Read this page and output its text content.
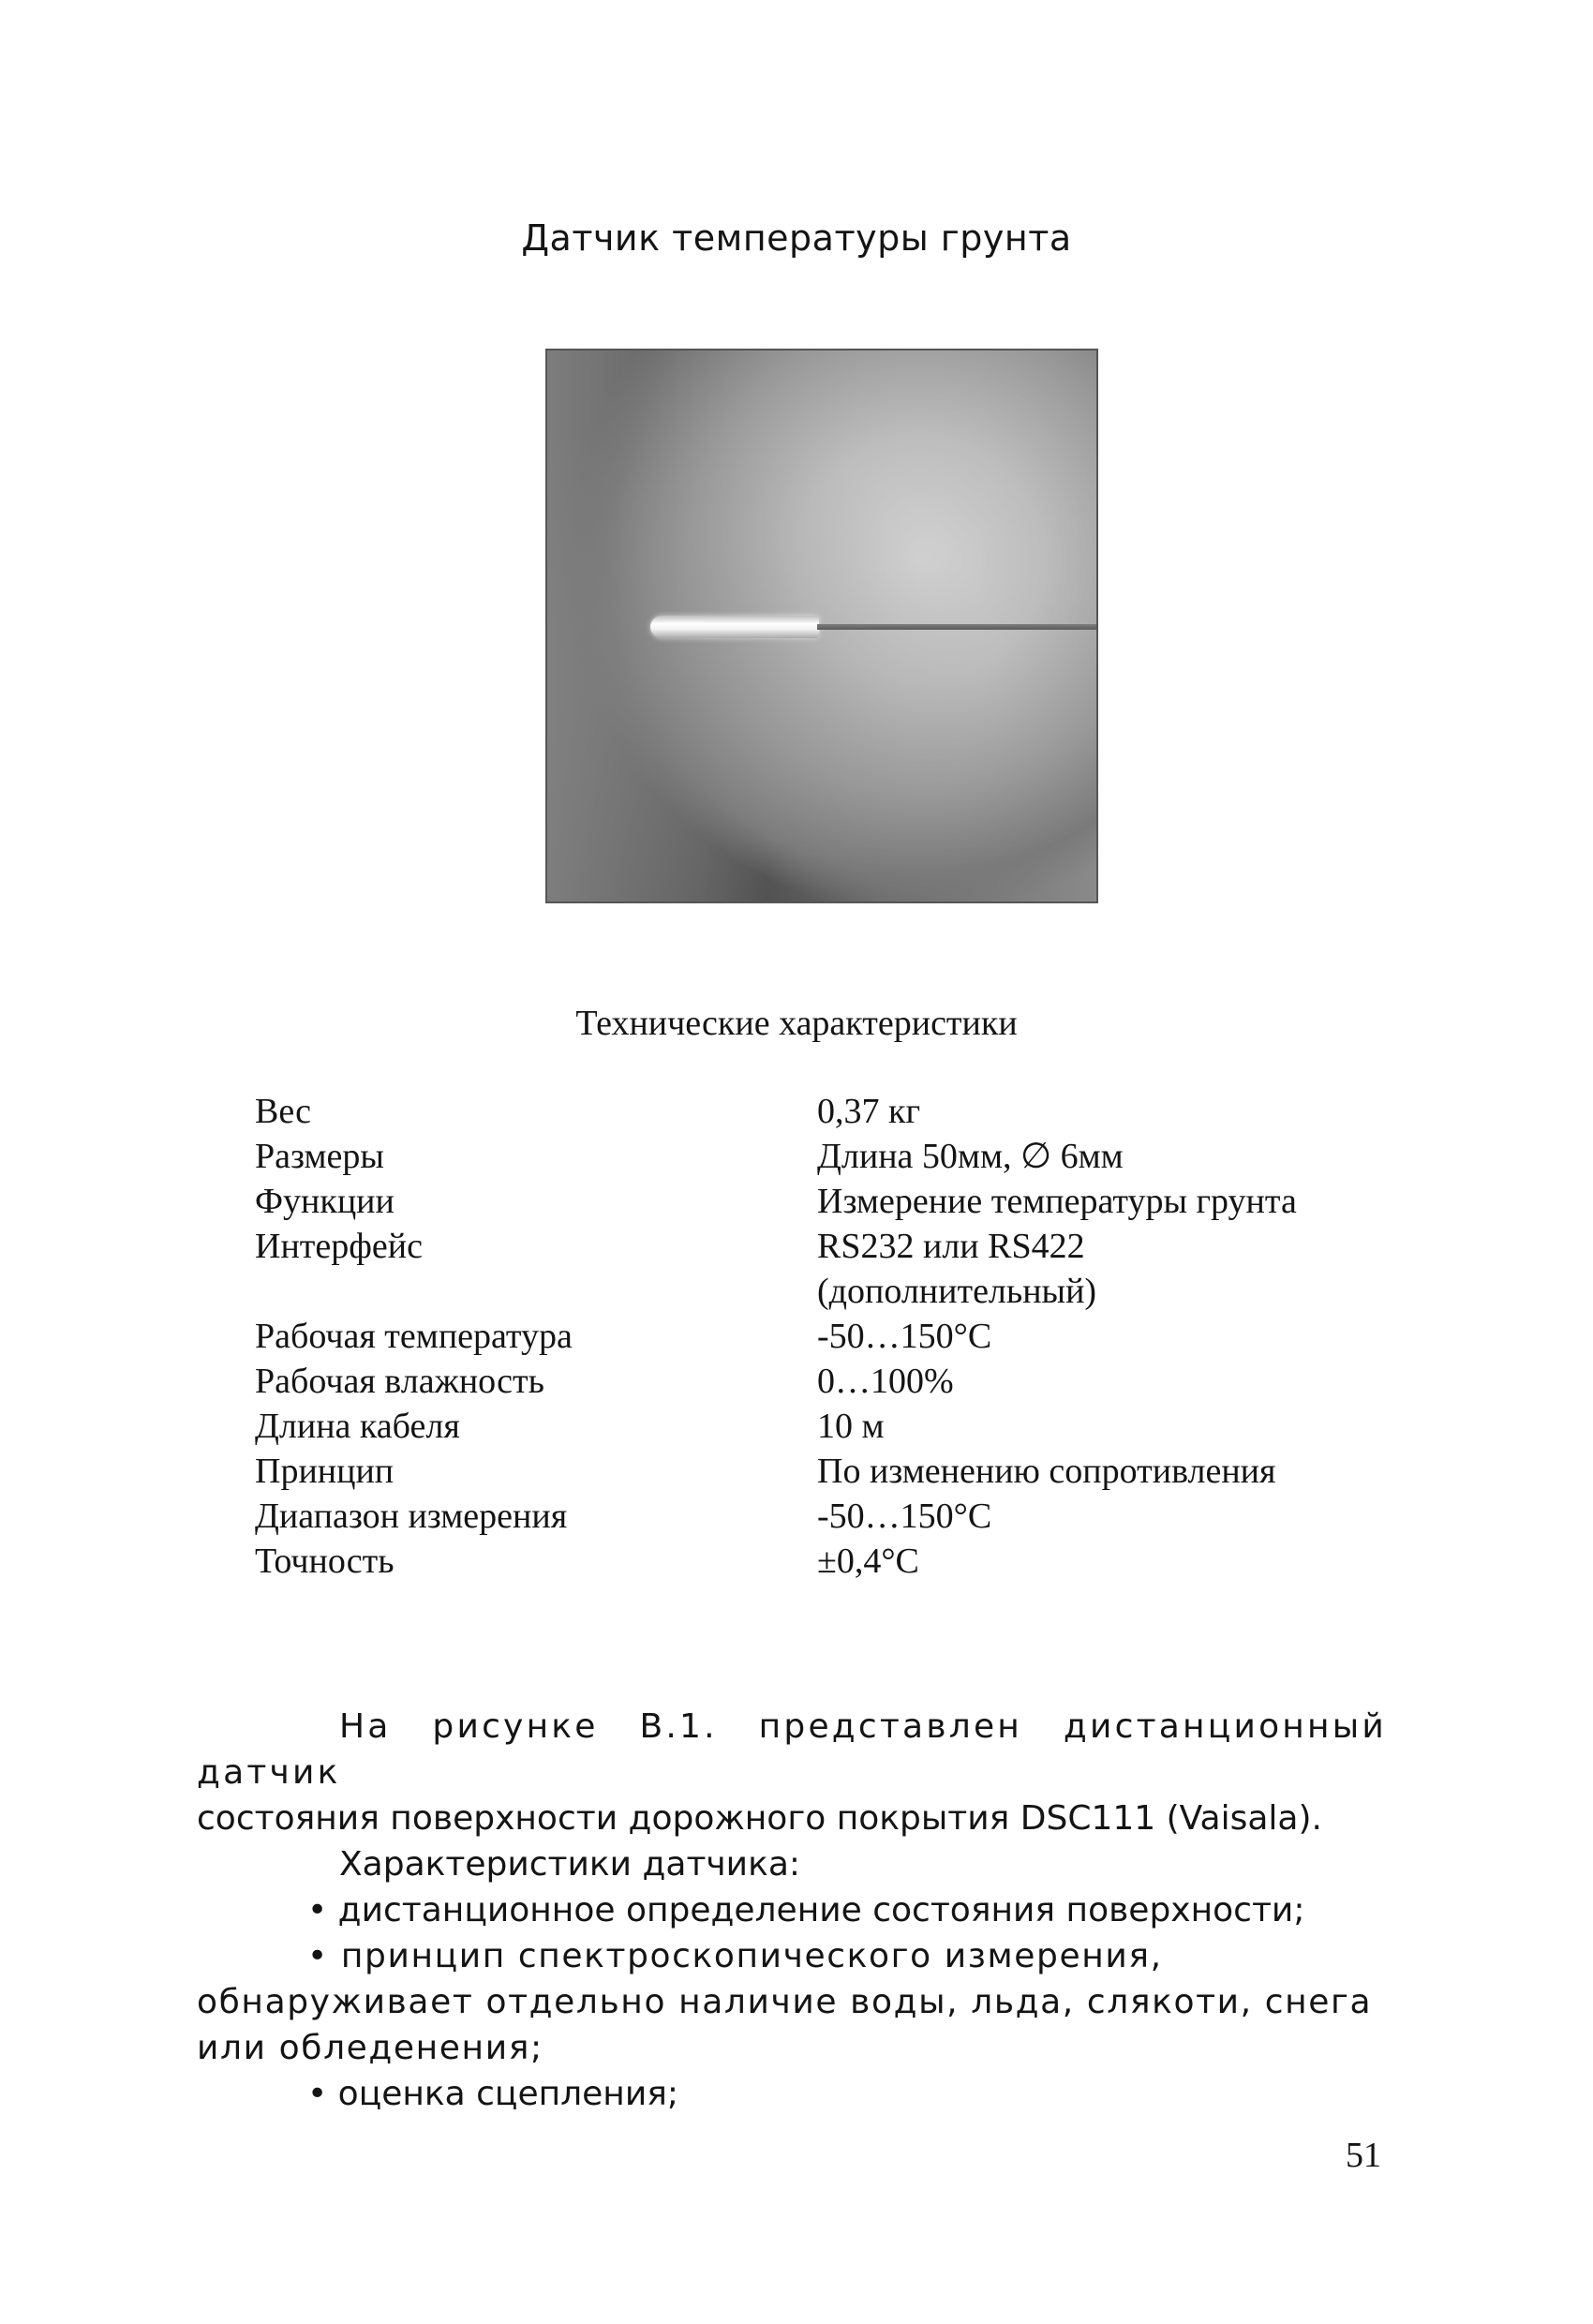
Датчик температуры грунта
Технические характеристики
Вес	0,37 кг
Размеры	Длина 50мм, ∅ 6мм
Функции	Измерение температуры грунта
Интерфейс	RS232 или RS422
(дополнительный)
Рабочая температура	-50…150°C
Рабочая влажность	0…100%
Длина кабеля	10 м
Принцип	По изменению сопротивления
Диапазон измерения	-50…150°C
Точность	±0,4°C

На рисунке В.1. представлен дистанционный датчик
состояния поверхности дорожного покрытия DSC111 (Vaisala).

Характеристики датчика:

• дистанционное определение состояния поверхности;

• принцип спектроскопического измерения, обнаруживает отдельно наличие воды, льда, слякоти, снега или обледенения;

• оценка сцепления;

51
